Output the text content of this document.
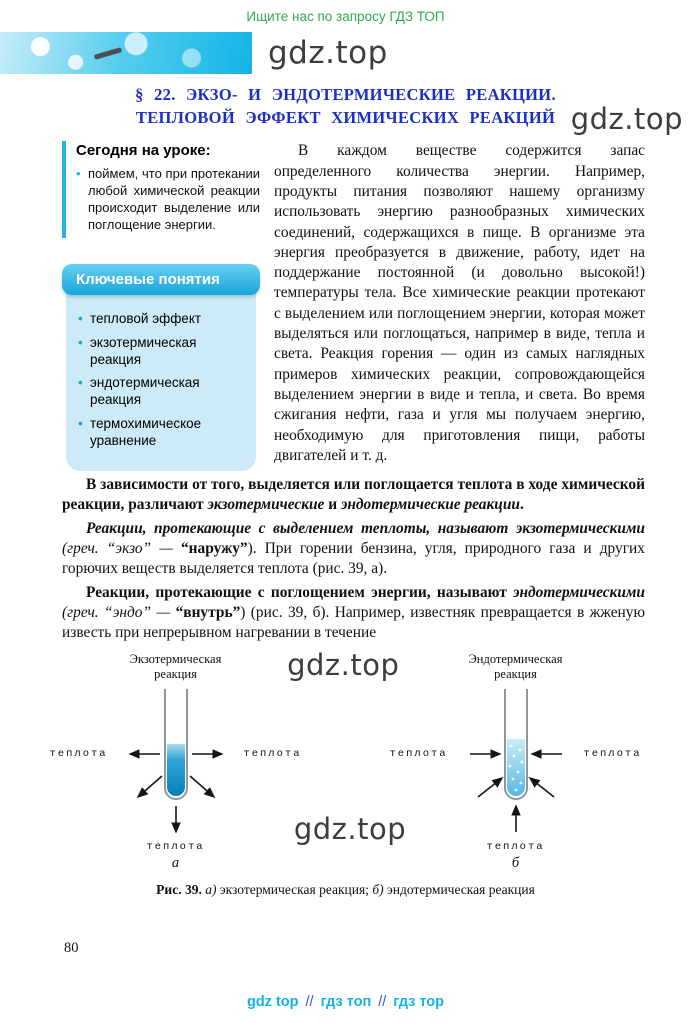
Ищите нас по запросу ГДЗ ТОП
gdz.top
§ 22. ЭКЗО- И ЭНДОТЕРМИЧЕСКИЕ РЕАКЦИИ.
ТЕПЛОВОЙ ЭФФЕКТ ХИМИЧЕСКИХ РЕАКЦИЙ gdz.top
Сегодня на уроке:
• поймем, что при протекании любой химической реакции происходит выделение или поглощение энергии.
Ключевые понятия
• тепловой эффект
• экзотермическая реакция
• эндотермическая реакция
• термохимическое уравнение

В каждом веществе содержится запас определенного количества энергии. Например, продукты питания позволяют нашему организму использовать энергию разнообразных химических соединений, содержащихся в пище. В организме эта энергия преобразуется в движение, работу, идет на поддержание постоянной (и довольно высокой!) температуры тела. Все химические реакции протекают с выделением или поглощением энергии, которая может выделяться или поглощаться, например в виде, тепла и света. Реакция горения — один из самых наглядных примеров химических реакции, сопровождающейся выделением энергии в виде и тепла, и света. Во время сжигания нефти, газа и угля мы получаем энергию, необходимую для приготовления пищи, работы двигателей и т. д.

В зависимости от того, выделяется или поглощается теплота в ходе химической реакции, различают экзотермические и эндотермические реакции.

Реакции, протекающие с выделением теплоты, называют экзотермическими (греч. “экзо” — “наружу”). При горении бензина, угля, природного газа и других горючих веществ выделяется теплота (рис. 39, а).

Реакции, протекающие с поглощением энергии, называют эндотермическими (греч. “эндо” — “внутрь”) (рис. 39, б). Например, известняк превращается в жженую известь при непрерывном нагревании в течение

gdz.top
gdz.top
Экзотермическая реакция
теплота	теплота
теплота
а
Эндотермическая реакция
теплота	теплота
теплота
б
Рис. 39. а) экзотермическая реакция; б) эндотермическая реакция
80
gdz top // гдз топ // гдз тор
